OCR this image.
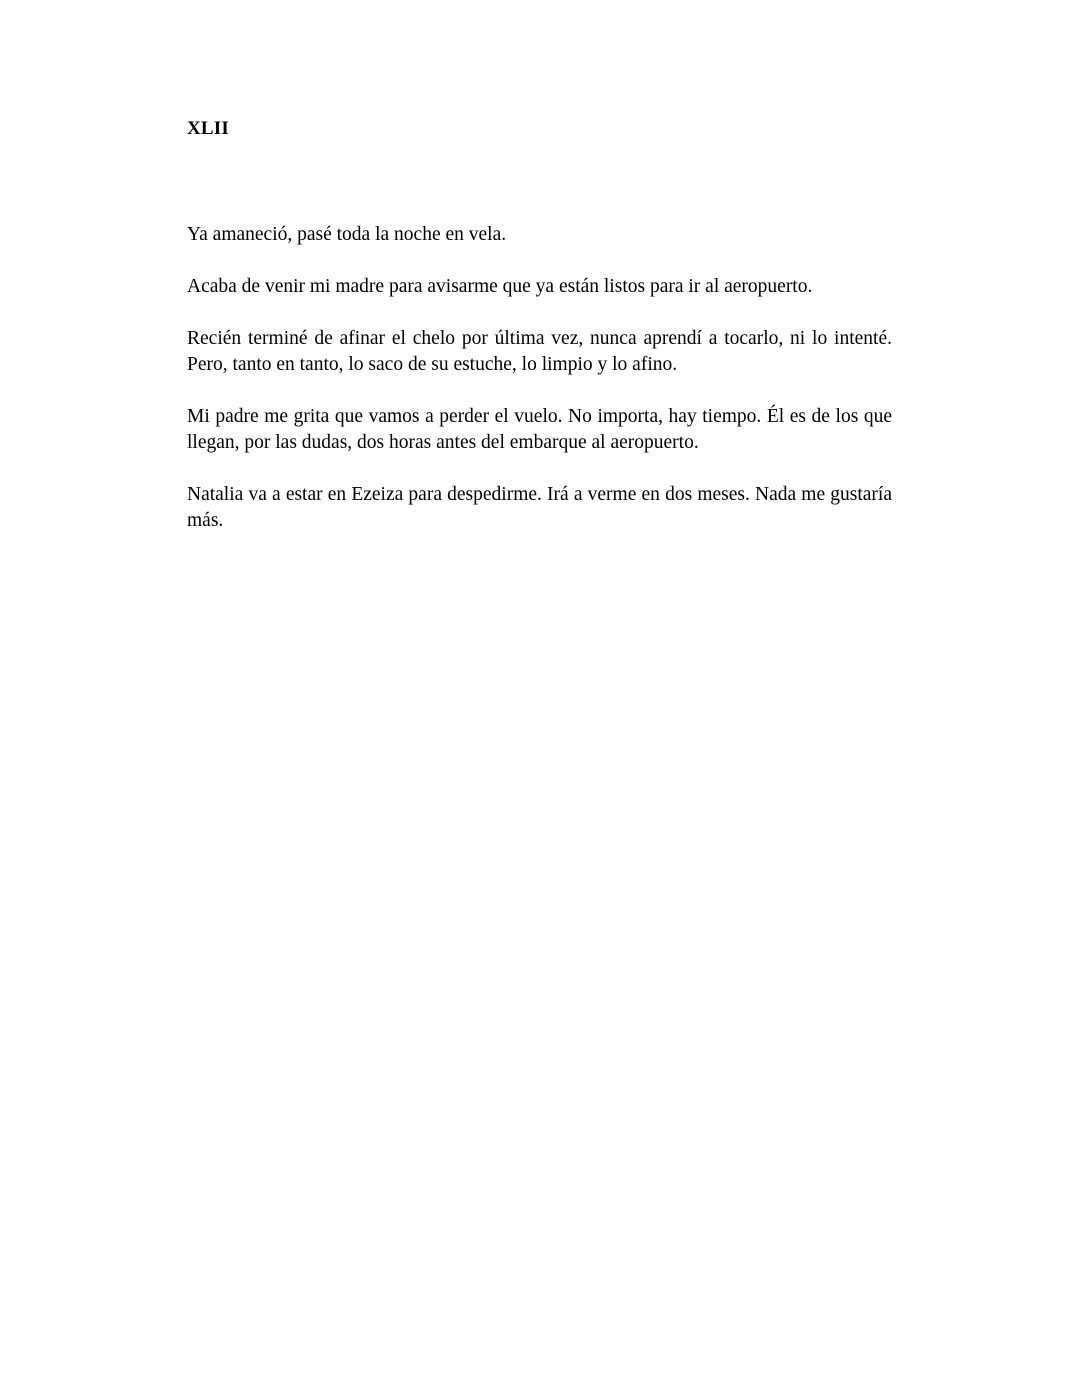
XLII

Ya amaneció, pasé toda la noche en vela.

Acaba de venir mi madre para avisarme que ya están listos para ir al aeropuerto.

Recién terminé de afinar el chelo por última vez, nunca aprendí a tocarlo, ni lo intenté. Pero, tanto en tanto, lo saco de su estuche, lo limpio y lo afino.

Mi padre me grita que vamos a perder el vuelo. No importa, hay tiempo. Él es de los que llegan, por las dudas, dos horas antes del embarque al aeropuerto.

Natalia va a estar en Ezeiza para despedirme. Irá a verme en dos meses. Nada me gustaría más.
